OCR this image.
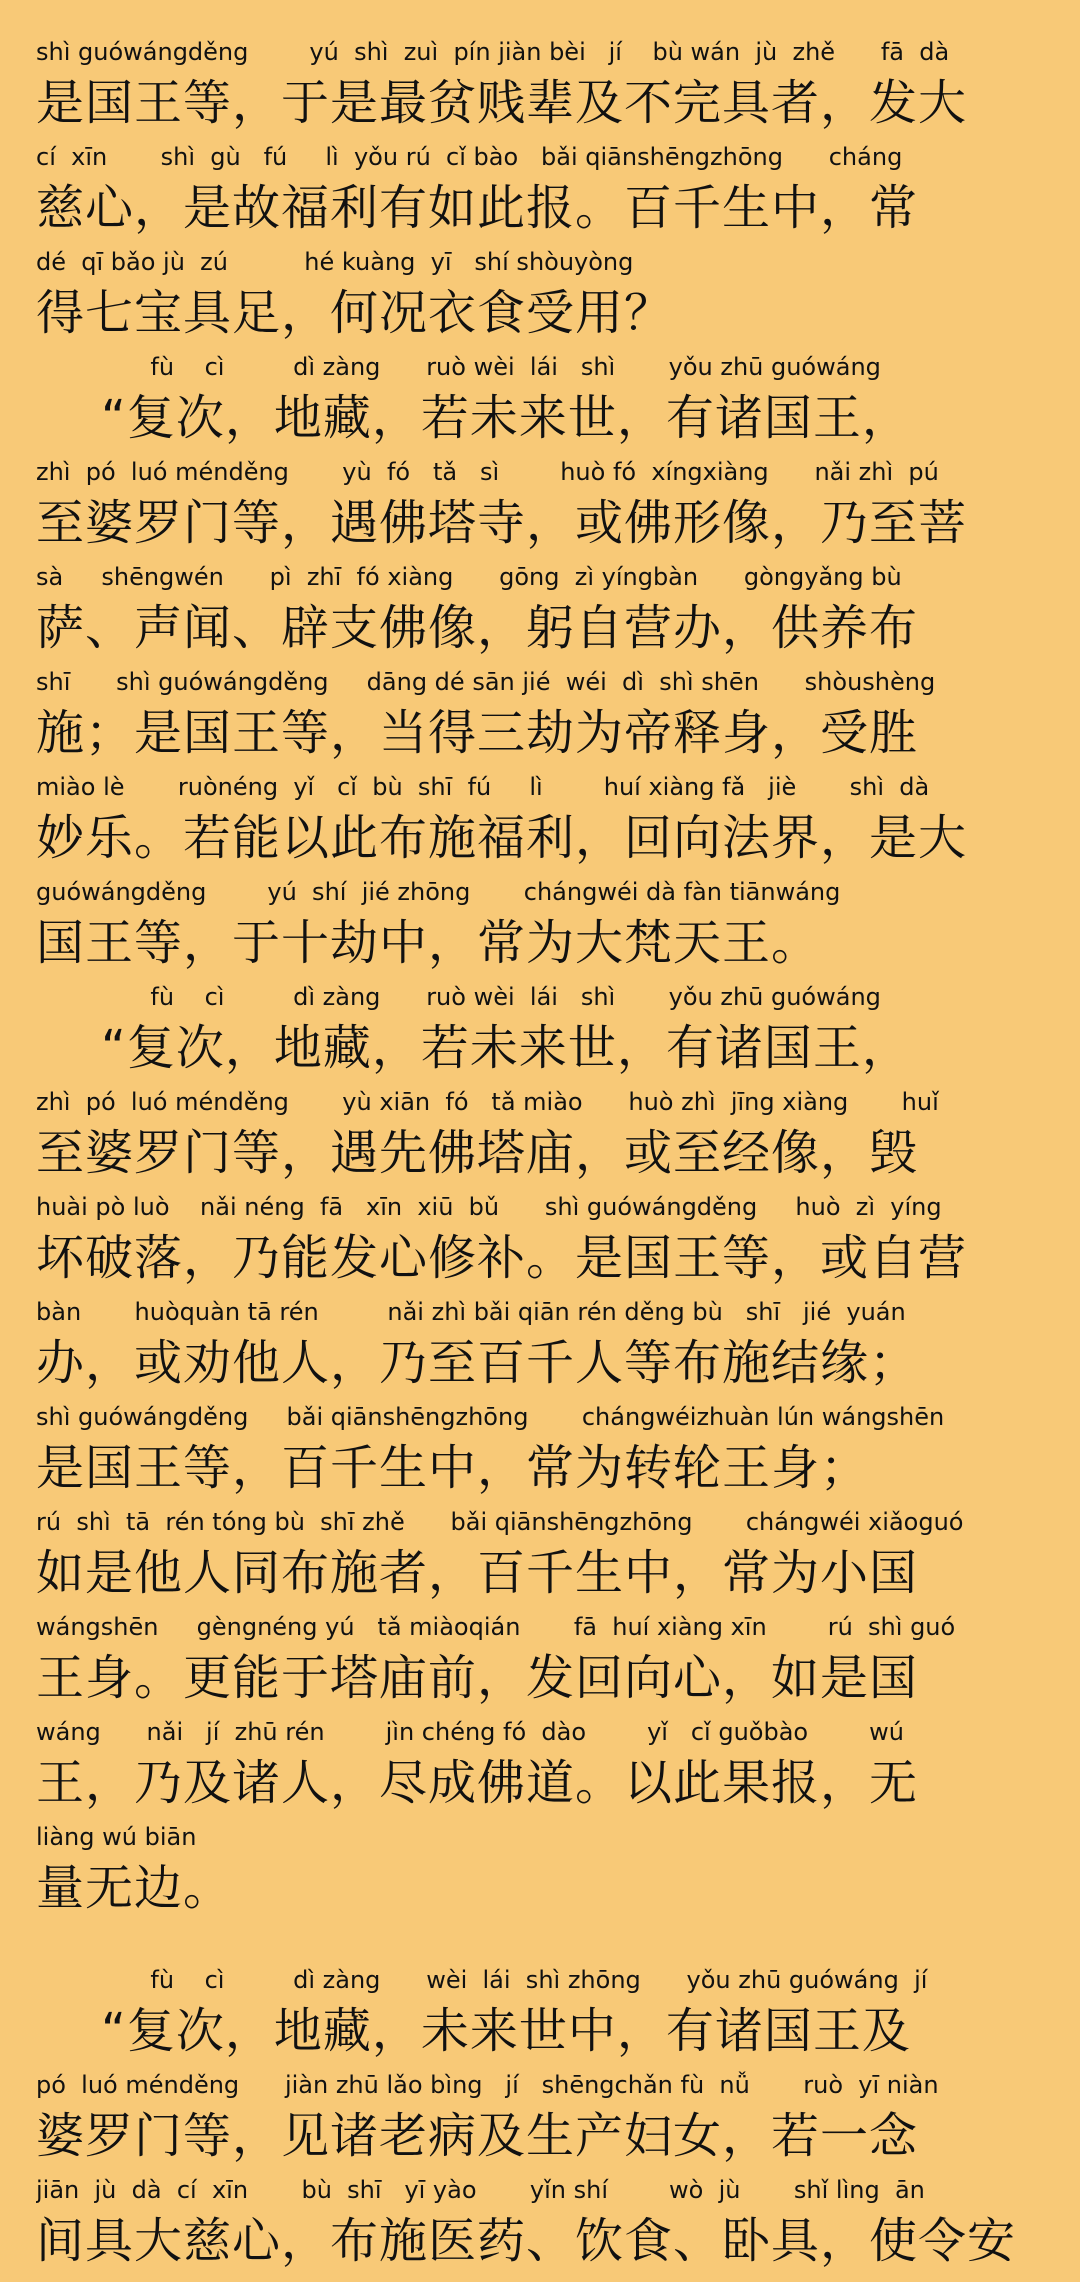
shì guówángděng        yú  shì  zuì  pín jiàn bèi   jí    bù wán  jù  zhě      fā  dà
是国王等，于是最贫贱辈及不完具者，发大
cí  xīn       shì  gù   fú     lì  yǒu rú  cǐ bào   bǎi qiānshēngzhōng      cháng
慈心，是故福利有如此报。百千生中，常
dé  qī bǎo jù  zú          hé kuàng  yī   shí shòuyòng
得七宝具足，何况衣食受用？
fù    cì         dì zàng      ruò wèi  lái   shì       yǒu zhū guówáng
“复次，地藏，若未来世，有诸国王，
zhì  pó  luó ménděng       yù  fó   tǎ   sì        huò fó  xíngxiàng      nǎi zhì  pú
至婆罗门等，遇佛塔寺，或佛形像，乃至菩
sà     shēngwén      pì  zhī  fó xiàng      gōng  zì yíngbàn      gòngyǎng bù
萨、声闻、辟支佛像，躬自营办，供养布
shī      shì guówángděng     dāng dé sān jié  wéi  dì  shì shēn      shòushèng
施；是国王等，当得三劫为帝释身，受胜
miào lè       ruònéng  yǐ   cǐ  bù  shī  fú     lì        huí xiàng fǎ   jiè       shì  dà
妙乐。若能以此布施福利，回向法界，是大
guówángděng        yú  shí  jié zhōng       chángwéi dà fàn tiānwáng
国王等，于十劫中，常为大梵天王。
fù    cì         dì zàng      ruò wèi  lái   shì       yǒu zhū guówáng
“复次，地藏，若未来世，有诸国王，
zhì  pó  luó ménděng       yù xiān  fó   tǎ miào      huò zhì  jīng xiàng       huǐ
至婆罗门等，遇先佛塔庙，或至经像，毁
huài pò luò    nǎi néng  fā   xīn  xiū  bǔ      shì guówángděng     huò  zì  yíng
坏破落，乃能发心修补。是国王等，或自营
bàn       huòquàn tā rén         nǎi zhì bǎi qiān rén děng bù   shī   jié  yuán
办，或劝他人，乃至百千人等布施结缘；
shì guówángděng     bǎi qiānshēngzhōng       chángwéizhuàn lún wángshēn
是国王等，百千生中，常为转轮王身；
rú  shì  tā  rén tóng bù  shī zhě      bǎi qiānshēngzhōng       chángwéi xiǎoguó
如是他人同布施者，百千生中，常为小国
wángshēn     gèngnéng yú   tǎ miàoqián       fā  huí xiàng xīn        rú  shì guó
王身。更能于塔庙前，发回向心，如是国
wáng      nǎi   jí  zhū rén        jìn chéng fó  dào        yǐ   cǐ guǒbào        wú
王，乃及诸人，尽成佛道。以此果报，无
liàng wú biān
量无边。
fù    cì         dì zàng      wèi  lái  shì zhōng      yǒu zhū guówáng  jí
“复次，地藏，未来世中，有诸国王及
pó  luó ménděng      jiàn zhū lǎo bìng   jí   shēngchǎn fù  nǚ       ruò  yī niàn
婆罗门等，见诸老病及生产妇女，若一念
jiān  jù  dà  cí  xīn       bù  shī   yī yào       yǐn shí        wò  jù       shǐ lìng  ān
间具大慈心，布施医药、饮食、卧具，使令安
